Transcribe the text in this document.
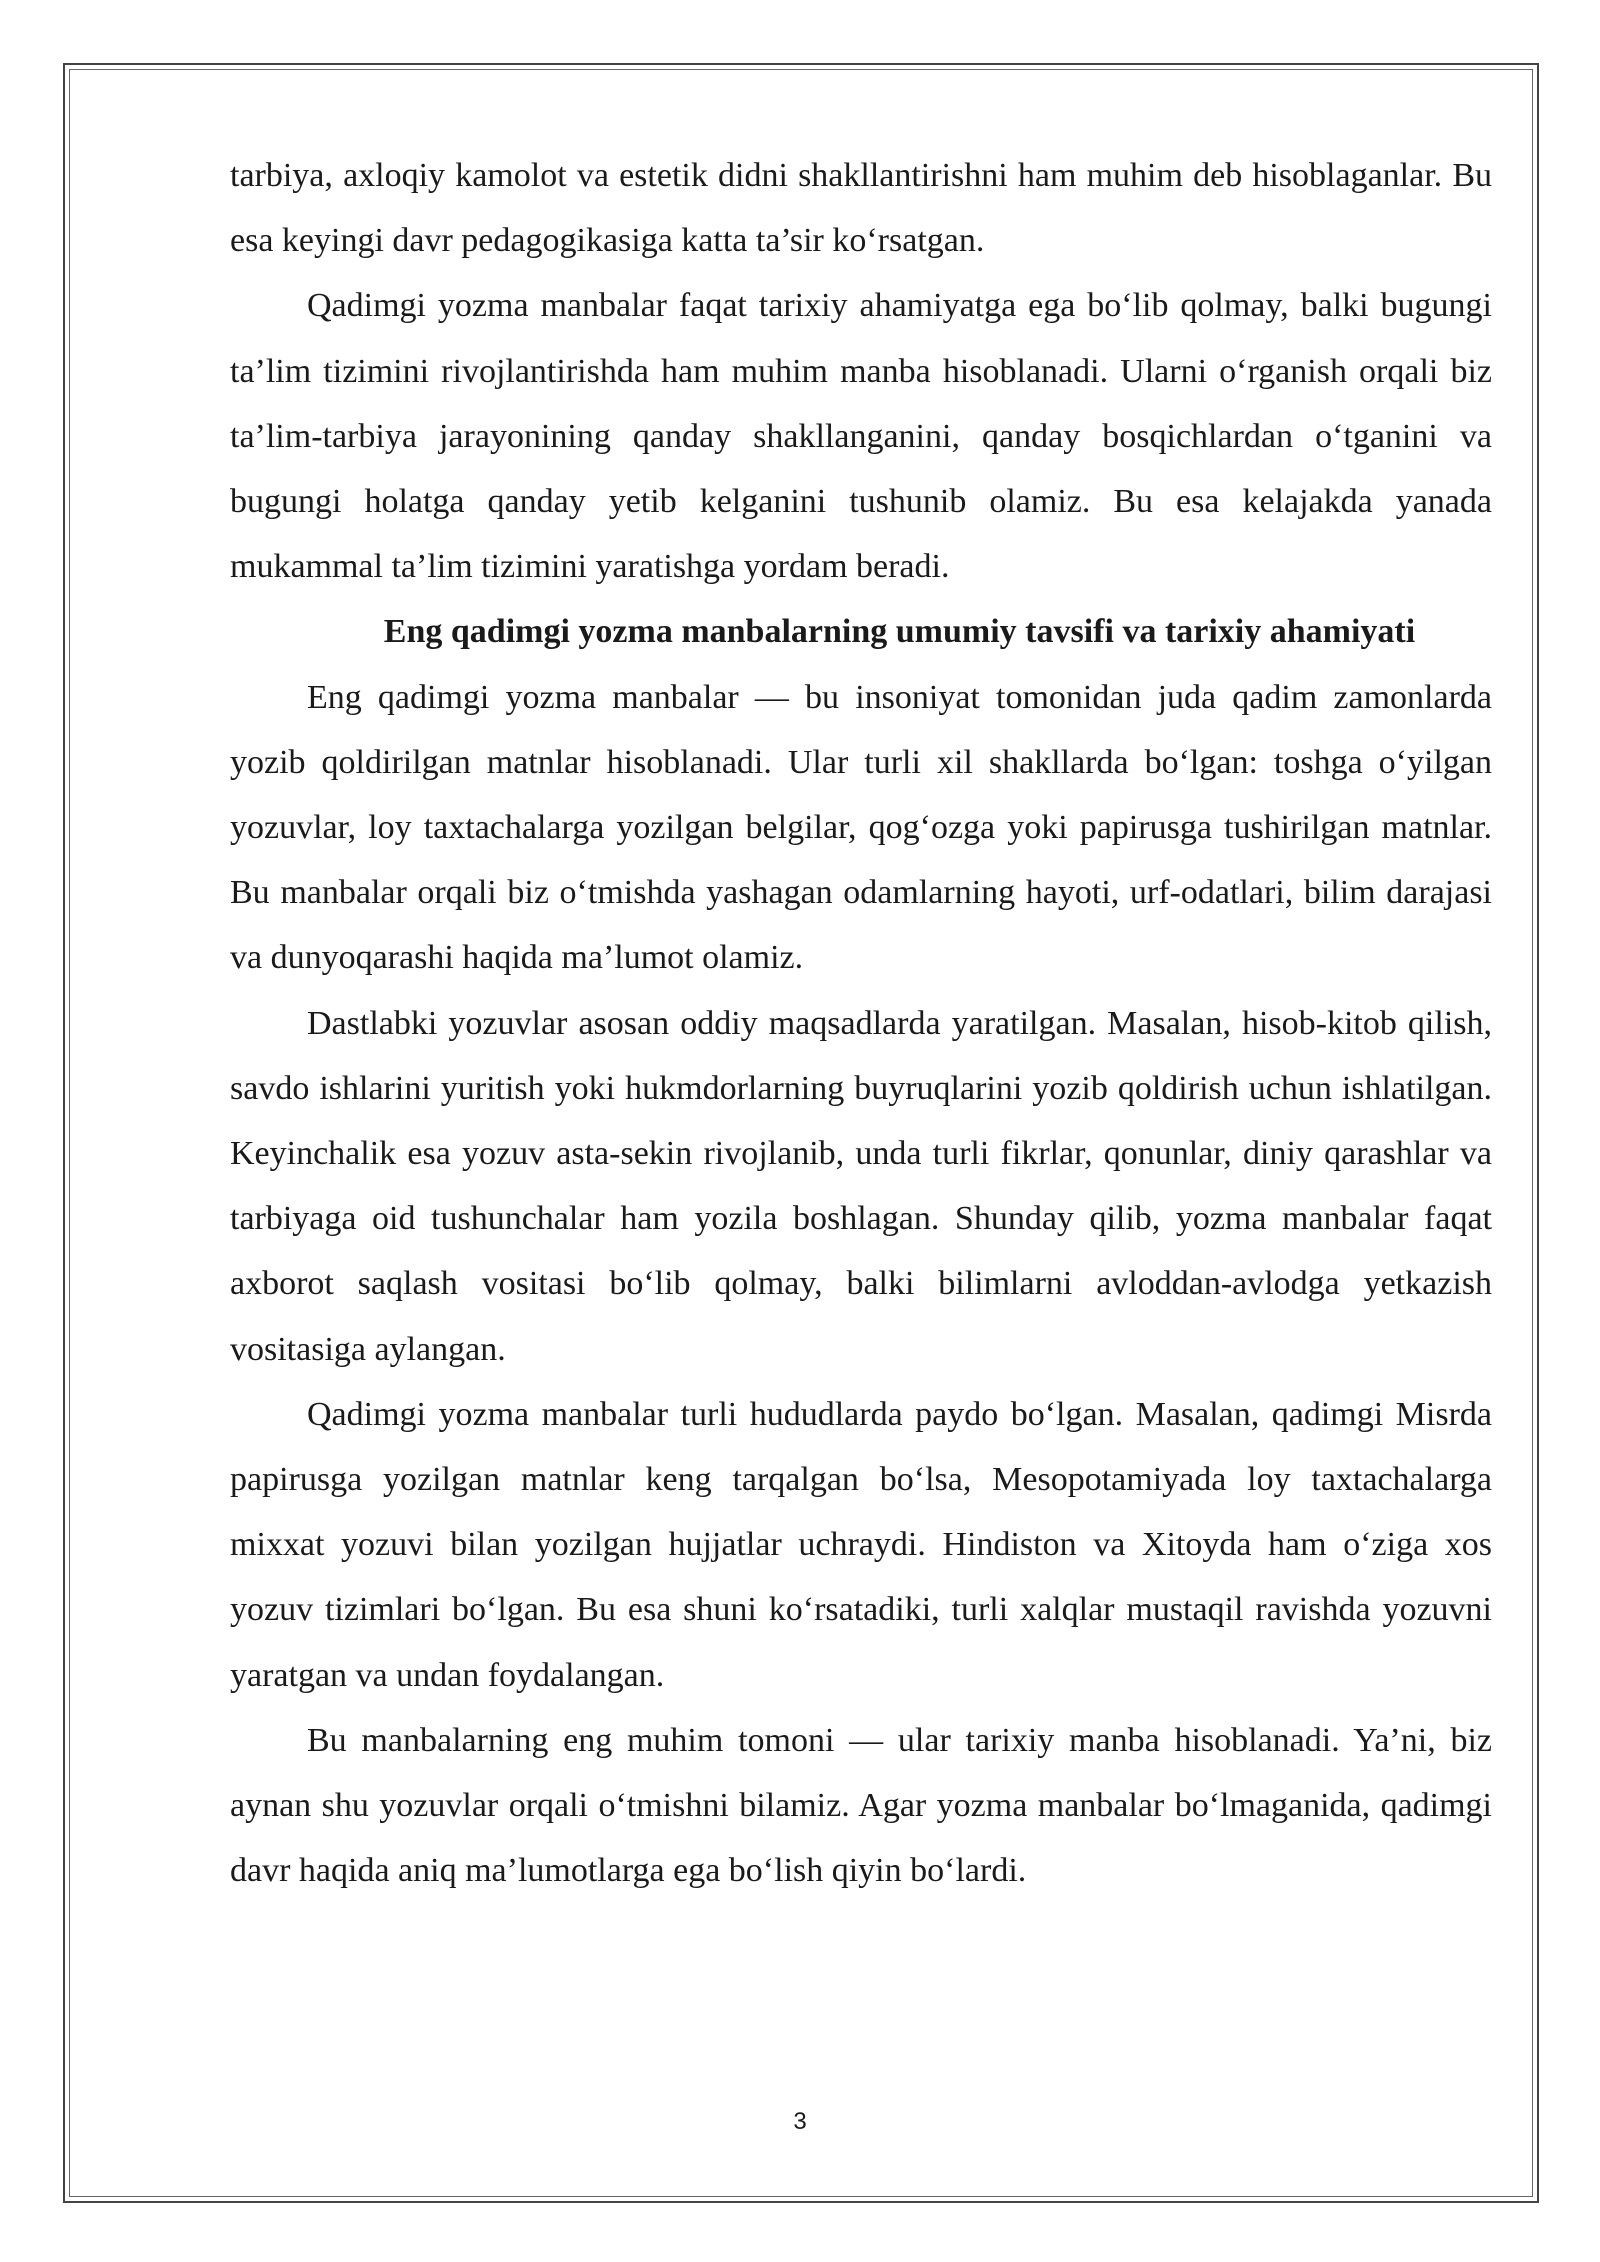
tarbiya, axloqiy kamolot va estetik didni shakllantirishni ham muhim deb hisoblaganlar. Bu esa keyingi davr pedagogikasiga katta ta’sir ko‘rsatgan.

Qadimgi yozma manbalar faqat tarixiy ahamiyatga ega bo‘lib qolmay, balki bugungi ta’lim tizimini rivojlantirishda ham muhim manba hisoblanadi. Ularni o‘rganish orqali biz ta’lim-tarbiya jarayonining qanday shakllanganini, qanday bosqichlardan o‘tganini va bugungi holatga qanday yetib kelganini tushunib olamiz. Bu esa kelajakda yanada mukammal ta’lim tizimini yaratishga yordam beradi.

Eng qadimgi yozma manbalarning umumiy tavsifi va tarixiy ahamiyati

Eng qadimgi yozma manbalar — bu insoniyat tomonidan juda qadim zamonlarda yozib qoldirilgan matnlar hisoblanadi. Ular turli xil shakllarda bo‘lgan: toshga o‘yilgan yozuvlar, loy taxtachalarga yozilgan belgilar, qog‘ozga yoki papirusga tushirilgan matnlar. Bu manbalar orqali biz o‘tmishda yashagan odamlarning hayoti, urf-odatlari, bilim darajasi va dunyoqarashi haqida ma’lumot olamiz.

Dastlabki yozuvlar asosan oddiy maqsadlarda yaratilgan. Masalan, hisob-kitob qilish, savdo ishlarini yuritish yoki hukmdorlarning buyruqlarini yozib qoldirish uchun ishlatilgan. Keyinchalik esa yozuv asta-sekin rivojlanib, unda turli fikrlar, qonunlar, diniy qarashlar va tarbiyaga oid tushunchalar ham yozila boshlagan. Shunday qilib, yozma manbalar faqat axborot saqlash vositasi bo‘lib qolmay, balki bilimlarni avloddan-avlodga yetkazish vositasiga aylangan.

Qadimgi yozma manbalar turli hududlarda paydo bo‘lgan. Masalan, qadimgi Misrda papirusga yozilgan matnlar keng tarqalgan bo‘lsa, Mesopotamiyada loy taxtachalarga mixxat yozuvi bilan yozilgan hujjatlar uchraydi. Hindiston va Xitoyda ham o‘ziga xos yozuv tizimlari bo‘lgan. Bu esa shuni ko‘rsatadiki, turli xalqlar mustaqil ravishda yozuvni yaratgan va undan foydalangan.

Bu manbalarning eng muhim tomoni — ular tarixiy manba hisoblanadi. Ya’ni, biz aynan shu yozuvlar orqali o‘tmishni bilamiz. Agar yozma manbalar bo‘lmaganida, qadimgi davr haqida aniq ma’lumotlarga ega bo‘lish qiyin bo‘lardi.

3
